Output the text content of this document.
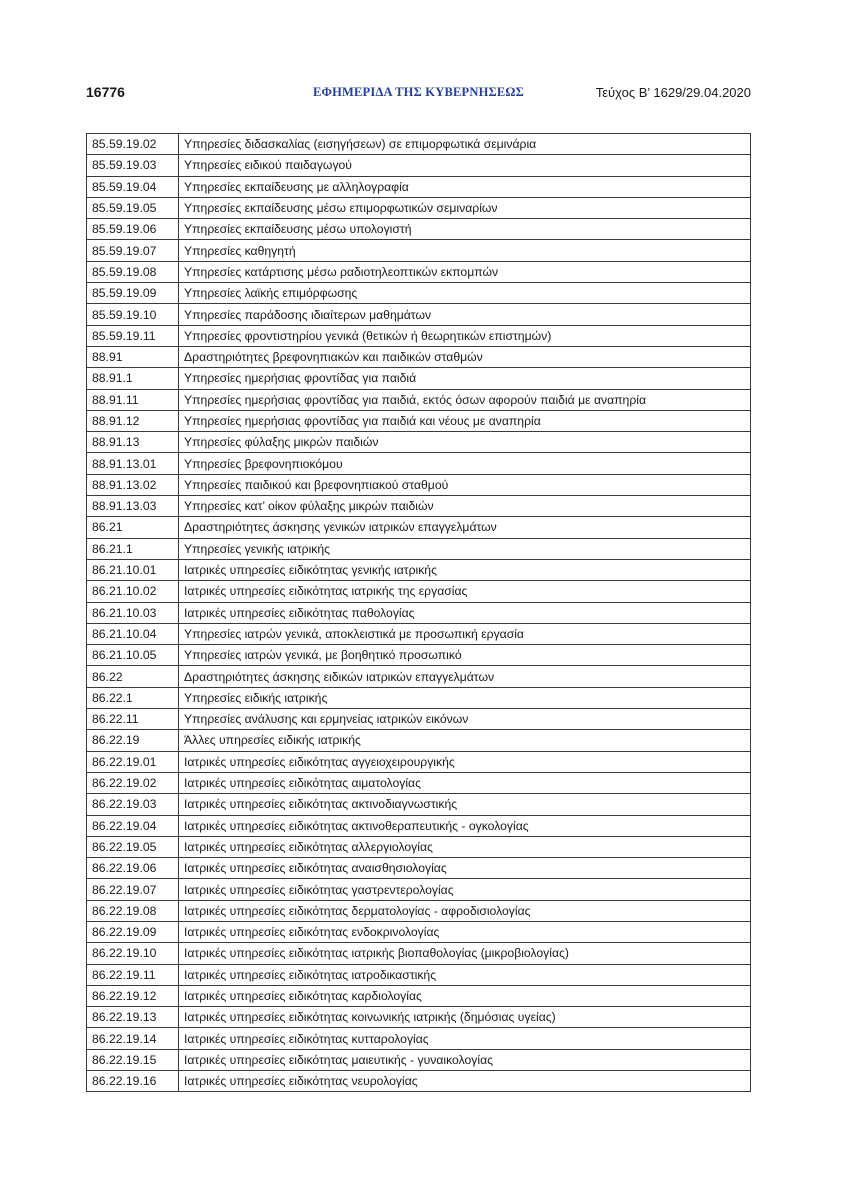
16776	ΕΦΗΜΕΡΙΔΑ ΤΗΣ ΚΥΒΕΡΝΗΣΕΩΣ	Τεύχος Β’ 1629/29.04.2020
85.59.19.02	Υπηρεσίες διδασκαλίας (εισηγήσεων) σε επιμορφωτικά σεμινάρια
85.59.19.03	Υπηρεσίες ειδικού παιδαγωγού
85.59.19.04	Υπηρεσίες εκπαίδευσης με αλληλογραφία
85.59.19.05	Υπηρεσίες εκπαίδευσης μέσω επιμορφωτικών σεμιναρίων
85.59.19.06	Υπηρεσίες εκπαίδευσης μέσω υπολογιστή
85.59.19.07	Υπηρεσίες καθηγητή
85.59.19.08	Υπηρεσίες κατάρτισης μέσω ραδιοτηλεοπτικών εκπομπών
85.59.19.09	Υπηρεσίες λαϊκής επιμόρφωσης
85.59.19.10	Υπηρεσίες παράδοσης ιδιαίτερων μαθημάτων
85.59.19.11	Υπηρεσίες φροντιστηρίου γενικά (θετικών ή θεωρητικών επιστημών)
88.91	Δραστηριότητες βρεφονηπιακών και παιδικών σταθμών
88.91.1	Υπηρεσίες ημερήσιας φροντίδας για παιδιά
88.91.11	Υπηρεσίες ημερήσιας φροντίδας για παιδιά, εκτός όσων αφορούν παιδιά με αναπηρία
88.91.12	Υπηρεσίες ημερήσιας φροντίδας για παιδιά και νέους με αναπηρία
88.91.13	Υπηρεσίες φύλαξης μικρών παιδιών
88.91.13.01	Υπηρεσίες βρεφονηπιοκόμου
88.91.13.02	Υπηρεσίες παιδικού και βρεφονηπιακού σταθμού
88.91.13.03	Υπηρεσίες κατ’ οίκον φύλαξης μικρών παιδιών
86.21	Δραστηριότητες άσκησης γενικών ιατρικών επαγγελμάτων
86.21.1	Υπηρεσίες γενικής ιατρικής
86.21.10.01	Ιατρικές υπηρεσίες ειδικότητας γενικής ιατρικής
86.21.10.02	Ιατρικές υπηρεσίες ειδικότητας ιατρικής της εργασίας
86.21.10.03	Ιατρικές υπηρεσίες ειδικότητας παθολογίας
86.21.10.04	Υπηρεσίες ιατρών γενικά, αποκλειστικά με προσωπική εργασία
86.21.10.05	Υπηρεσίες ιατρών γενικά, με βοηθητικό προσωπικό
86.22	Δραστηριότητες άσκησης ειδικών ιατρικών επαγγελμάτων
86.22.1	Υπηρεσίες ειδικής ιατρικής
86.22.11	Υπηρεσίες ανάλυσης και ερμηνείας ιατρικών εικόνων
86.22.19	Άλλες υπηρεσίες ειδικής ιατρικής
86.22.19.01	Ιατρικές υπηρεσίες ειδικότητας αγγειοχειρουργικής
86.22.19.02	Ιατρικές υπηρεσίες ειδικότητας αιματολογίας
86.22.19.03	Ιατρικές υπηρεσίες ειδικότητας ακτινοδιαγνωστικής
86.22.19.04	Ιατρικές υπηρεσίες ειδικότητας ακτινοθεραπευτικής - ογκολογίας
86.22.19.05	Ιατρικές υπηρεσίες ειδικότητας αλλεργιολογίας
86.22.19.06	Ιατρικές υπηρεσίες ειδικότητας αναισθησιολογίας
86.22.19.07	Ιατρικές υπηρεσίες ειδικότητας γαστρεντερολογίας
86.22.19.08	Ιατρικές υπηρεσίες ειδικότητας δερματολογίας - αφροδισιολογίας
86.22.19.09	Ιατρικές υπηρεσίες ειδικότητας ενδοκρινολογίας
86.22.19.10	Ιατρικές υπηρεσίες ειδικότητας ιατρικής βιοπαθολογίας (μικροβιολογίας)
86.22.19.11	Ιατρικές υπηρεσίες ειδικότητας ιατροδικαστικής
86.22.19.12	Ιατρικές υπηρεσίες ειδικότητας καρδιολογίας
86.22.19.13	Ιατρικές υπηρεσίες ειδικότητας κοινωνικής ιατρικής (δημόσιας υγείας)
86.22.19.14	Ιατρικές υπηρεσίες ειδικότητας κυτταρολογίας
86.22.19.15	Ιατρικές υπηρεσίες ειδικότητας μαιευτικής - γυναικολογίας
86.22.19.16	Ιατρικές υπηρεσίες ειδικότητας νευρολογίας
